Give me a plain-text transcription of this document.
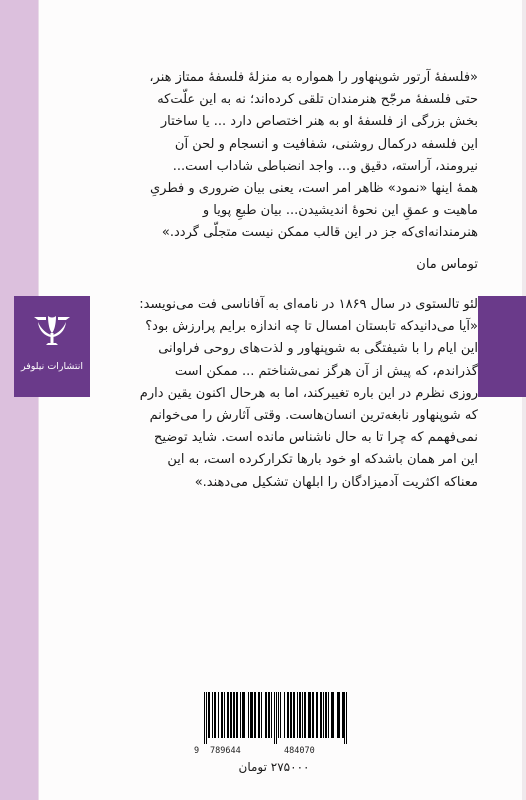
«فلسفهٔ آرتور شوپنهاور را همواره به منزلهٔ فلسفهٔ ممتاز هنر،

حتی فلسفهٔ مرجّح هنرمندان تلقی کرده‌اند؛ نه به این علّت‌که

بخش بزرگی از فلسفهٔ او به هنر اختصاص دارد ... یا ساختار

این فلسفه درکمال روشنی، شفافیت و انسجام و لحن آن

نیرومند، آراسته، دقیق و... واجد انضباطی شاداب است...

همهٔ اینها «نمود» ظاهر امر است، یعنی بیان ضروری و فطریِ

ماهیت و عمقِ این نحوهٔ اندیشیدن... بیان طبعِ پویا و

هنرمندانه‌ای‌که جز در این قالب ممکن نیست متجلّی گردد.»

توماس مان

لئو تالستوی در سال ۱۸۶۹ در نامه‌ای به آفاناسی فت می‌نویسد:

«آیا می‌دانیدکه تابستان امسال تا چه اندازه برایم پرارزش بود؟

این ایام را با شیفتگی به شوپنهاور و لذت‌های روحی فراوانی

گذراندم، که پیش از آن هرگز نمی‌شناختم ... ممکن است

روزی نظرم در این باره تغییرکند، اما به هرحال اکنون یقین دارم

که شوپنهاور نابغه‌ترین انسان‌هاست. وقتی آثارش را می‌خوانم

نمی‌فهمم که چرا تا به حال ناشناس مانده است. شاید توضیح

این امر همان باشدکه او خود بارها تکرارکرده است، به این

معناکه اکثریت آدمیزادگان را ابلهان تشکیل می‌دهند.»

انتشارات نیلوفر
9 789644	484070
۲۷۵۰۰۰ تومان
